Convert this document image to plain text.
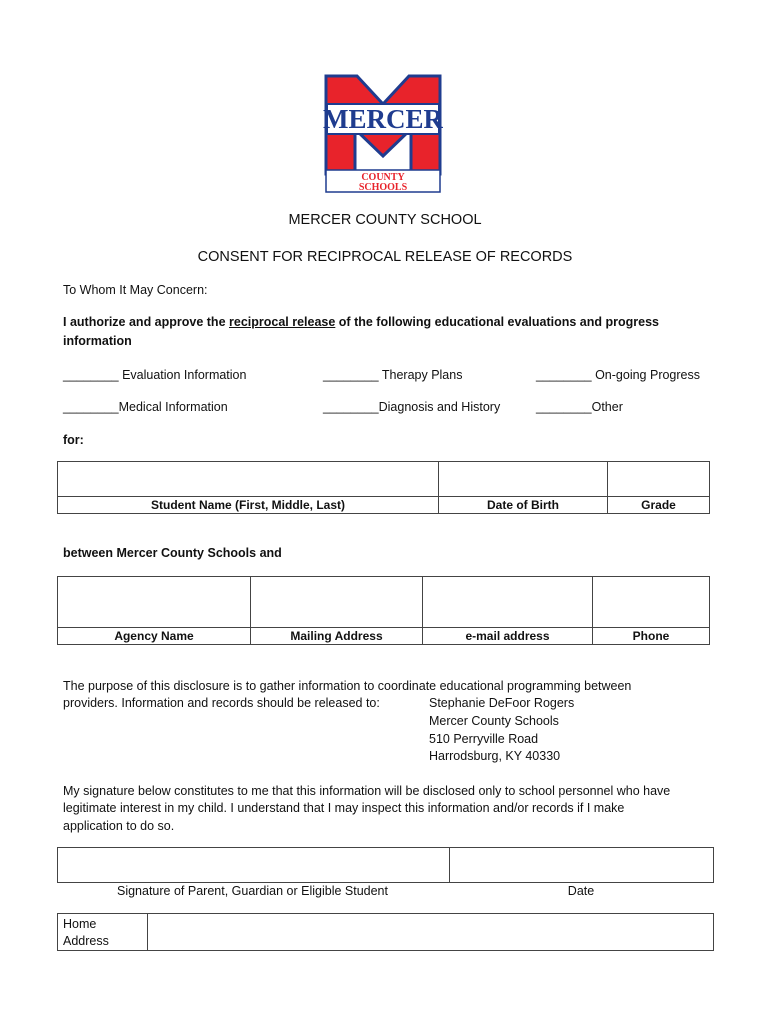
MERCER
COUNTY
SCHOOLS
MERCER COUNTY SCHOOL
CONSENT FOR RECIPROCAL RELEASE OF RECORDS
To Whom It May Concern:
I authorize and approve the reciprocal release of the following educational evaluations and progress
information
________ Evaluation Information	________ Therapy Plans	________ On-going Progress
________Medical Information	________Diagnosis and History	________Other
for:

Student Name (First, Middle, Last)	Date of Birth	Grade
between Mercer County Schools and

Agency Name	Mailing Address	e-mail address	Phone
The purpose of this disclosure is to gather information to coordinate educational programming between
providers. Information and records should be released to:	Stephanie DeFoor Rogers
Mercer County Schools
510 Perryville Road
Harrodsburg, KY 40330
My signature below constitutes to me that this information will be disclosed only to school personnel who have
legitimate interest in my child. I understand that I may inspect this information and/or records if I make
application to do so.

Signature of Parent, Guardian or Eligible Student	Date
Home
Address
